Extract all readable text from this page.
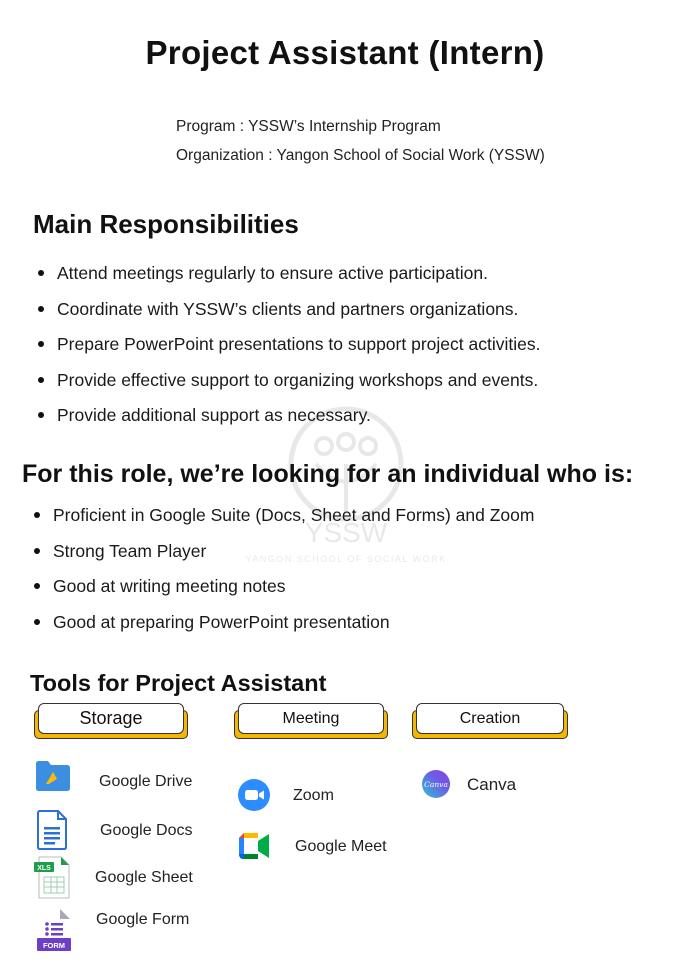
YSSW
YANGON SCHOOL OF SOCIAL WORK
Project Assistant (Intern)
Program : YSSW’s Internship Program
Organization : Yangon School of Social Work (YSSW)
Main Responsibilities
Attend meetings regularly to ensure active participation.
Coordinate with YSSW’s clients and partners organizations.
Prepare PowerPoint presentations to support project activities.
Provide effective support to organizing workshops and events.
Provide additional support as necessary.
For this role, we’re looking for an individual who is:
Proficient in Google Suite (Docs, Sheet and Forms) and Zoom
Strong Team Player
Good at writing meeting notes
Good at preparing PowerPoint presentation
Tools for Project Assistant
Storage	Meeting	Creation
Google Drive
Google Docs
XLS
Google Sheet
FORM
Google Form
Zoom
Google Meet
Canva Canva
